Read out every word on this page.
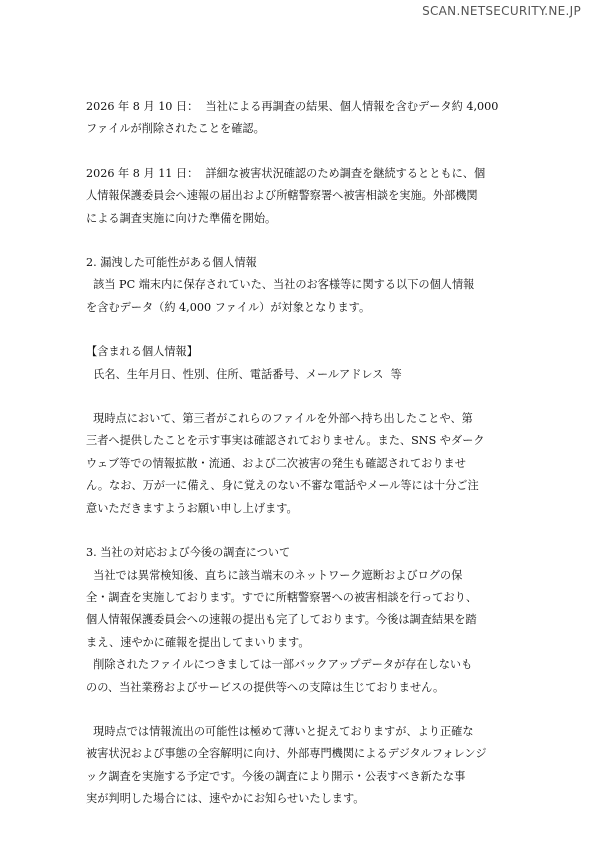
SCAN.NETSECURITY.NE.JP

2026 年 8 月 10 日：  当社による再調査の結果、個人情報を含むデータ約 4,000
ファイルが削除されたことを確認。

2026 年 8 月 11 日：  詳細な被害状況確認のため調査を継続するとともに、個
人情報保護委員会へ速報の届出および所轄警察署へ被害相談を実施。外部機関
による調査実施に向けた準備を開始。

2. 漏洩した可能性がある個人情報

該当 PC 端末内に保存されていた、当社のお客様等に関する以下の個人情報
を含むデータ（約 4,000 ファイル）が対象となります。

【含まれる個人情報】

氏名、生年月日、性別、住所、電話番号、メールアドレス  等

現時点において、第三者がこれらのファイルを外部へ持ち出したことや、第
三者へ提供したことを示す事実は確認されておりません。また、SNS やダーク
ウェブ等での情報拡散・流通、および二次被害の発生も確認されておりませ
ん。なお、万が一に備え、身に覚えのない不審な電話やメール等には十分ご注
意いただきますようお願い申し上げます。

3. 当社の対応および今後の調査について

当社では異常検知後、直ちに該当端末のネットワーク遮断およびログの保
全・調査を実施しております。すでに所轄警察署への被害相談を行っており、
個人情報保護委員会への速報の提出も完了しております。今後は調査結果を踏
まえ、速やかに確報を提出してまいります。

削除されたファイルにつきましては一部バックアップデータが存在しないも
のの、当社業務およびサービスの提供等への支障は生じておりません。

現時点では情報流出の可能性は極めて薄いと捉えておりますが、より正確な
被害状況および事態の全容解明に向け、外部専門機関によるデジタルフォレンジ
ック調査を実施する予定です。今後の調査により開示・公表すべき新たな事
実が判明した場合には、速やかにお知らせいたします。
